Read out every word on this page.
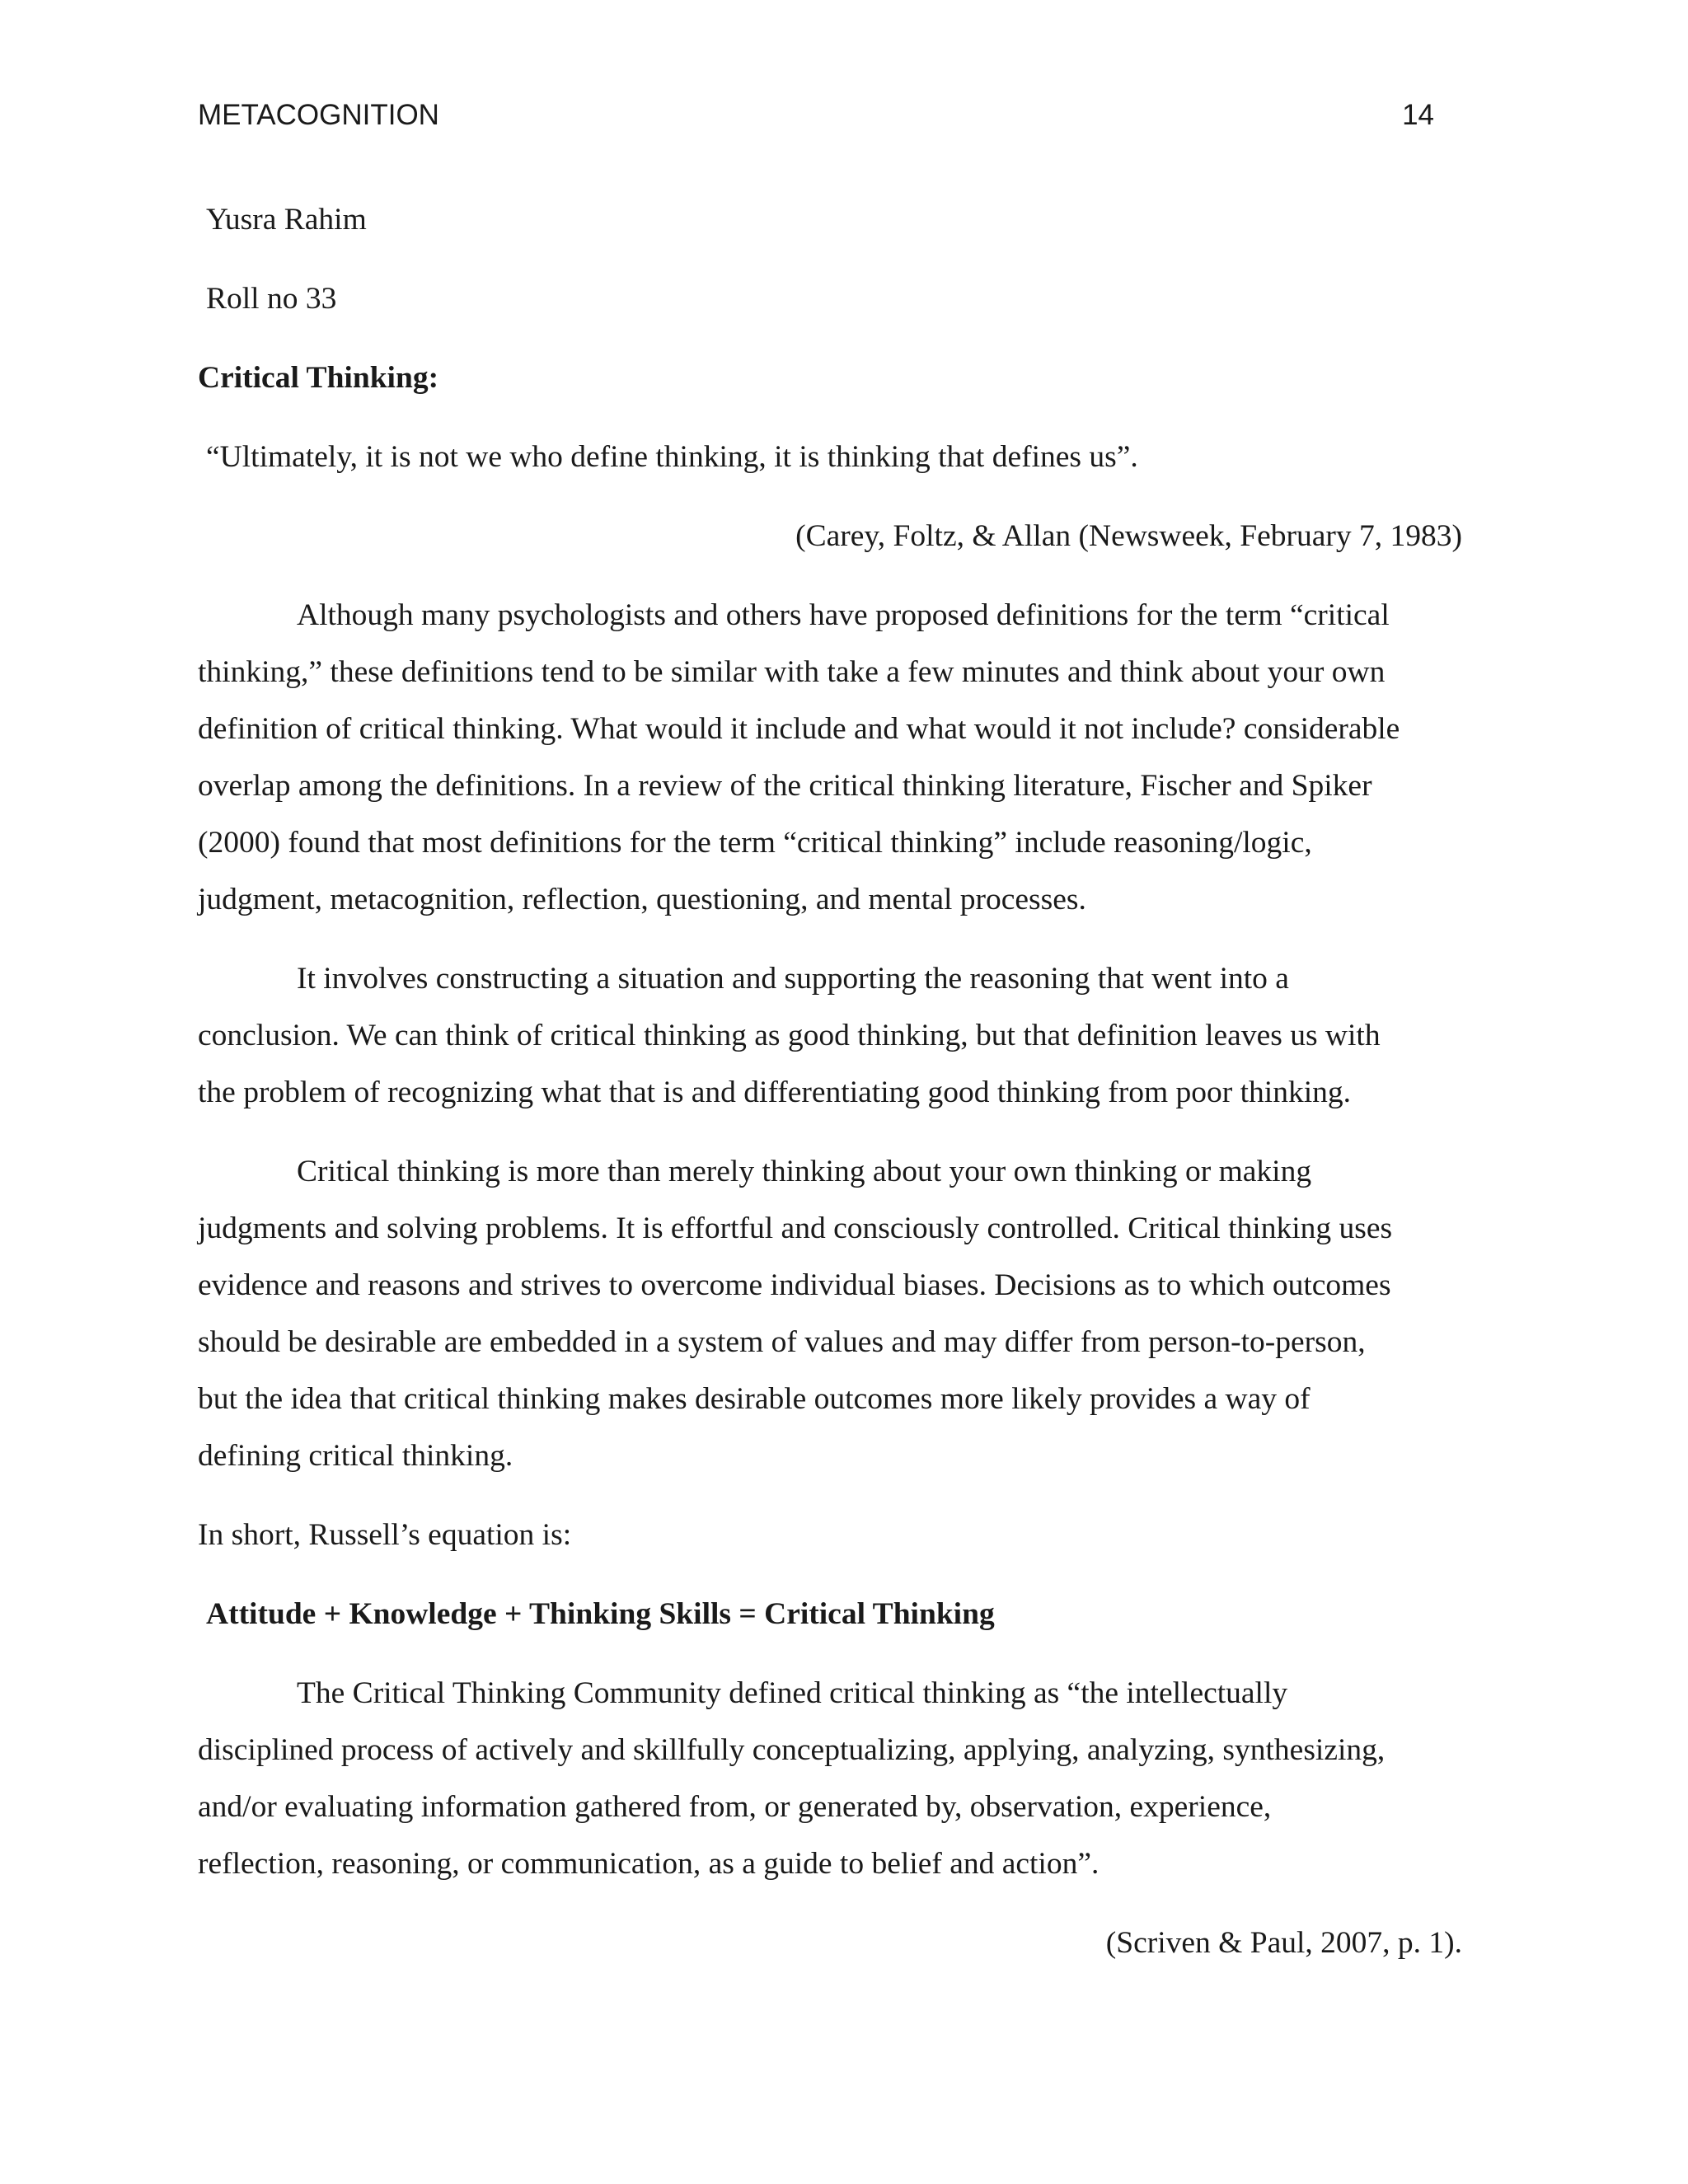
METACOGNITION	14

Yusra Rahim

Roll no 33

Critical Thinking:

“Ultimately, it is not we who define thinking, it is thinking that defines us”.

(Carey, Foltz, & Allan (Newsweek, February 7, 1983)

Although many psychologists and others have proposed definitions for the term “critical

thinking,” these definitions tend to be similar with take a few minutes and think about your own

definition of critical thinking. What would it include and what would it not include? considerable

overlap among the definitions. In a review of the critical thinking literature, Fischer and Spiker

(2000) found that most definitions for the term “critical thinking” include reasoning/logic,

judgment, metacognition, reflection, questioning, and mental processes.

It involves constructing a situation and supporting the reasoning that went into a

conclusion. We can think of critical thinking as good thinking, but that definition leaves us with

the problem of recognizing what that is and differentiating good thinking from poor thinking.

Critical thinking is more than merely thinking about your own thinking or making

judgments and solving problems. It is effortful and consciously controlled. Critical thinking uses

evidence and reasons and strives to overcome individual biases. Decisions as to which outcomes

should be desirable are embedded in a system of values and may differ from person-to-person,

but the idea that critical thinking makes desirable outcomes more likely provides a way of

defining critical thinking.

In short, Russell’s equation is:

Attitude + Knowledge + Thinking Skills = Critical Thinking

The Critical Thinking Community defined critical thinking as “the intellectually

disciplined process of actively and skillfully conceptualizing, applying, analyzing, synthesizing,

and/or evaluating information gathered from, or generated by, observation, experience,

reflection, reasoning, or communication, as a guide to belief and action”.

(Scriven & Paul, 2007, p. 1).
